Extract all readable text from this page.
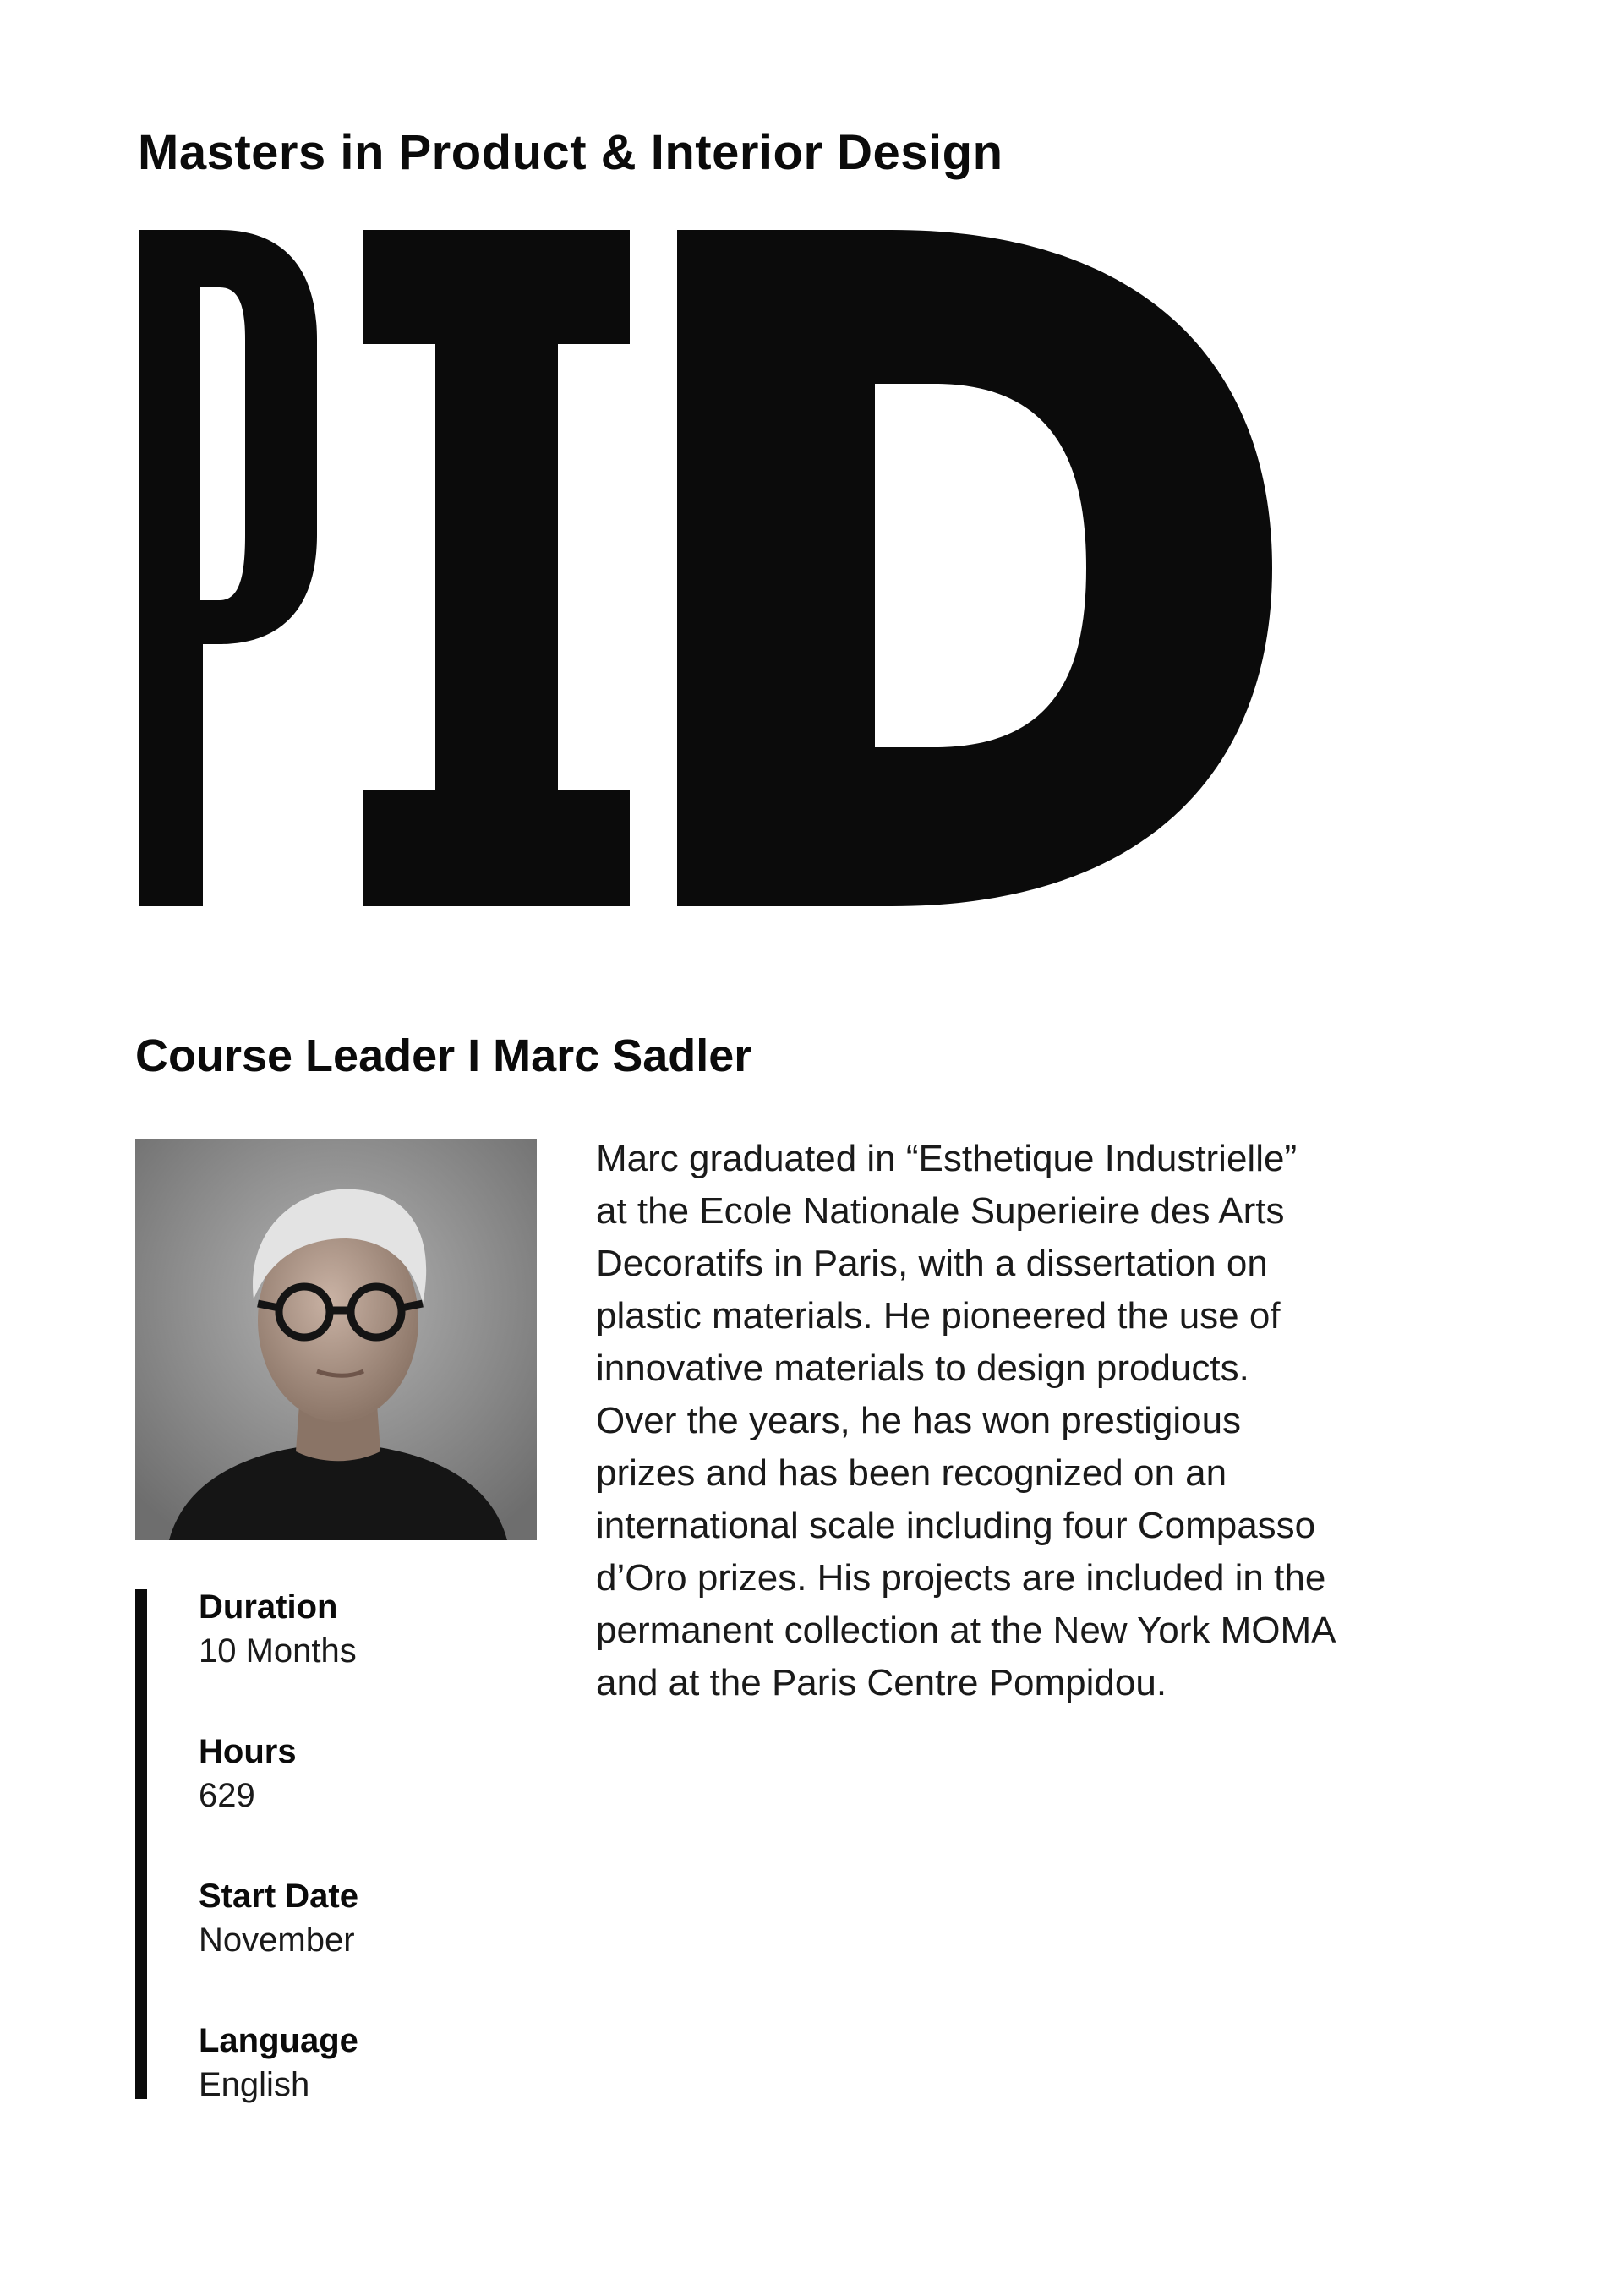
Masters in Product & Interior Design
Course Leader I Marc Sadler

Marc graduated in “Esthetique Industrielle”
at the Ecole Nationale Superieire des Arts
Decoratifs in Paris, with a dissertation on
plastic materials. He pioneered the use of
innovative materials to design products.
Over the years, he has won prestigious
prizes and has been recognized on an
international scale including four Compasso
d’Oro prizes. His projects are included in the
permanent collection at the New York MOMA
and at the Paris Centre Pompidou.

Duration
10 Months
Hours
629
Start Date
November
Language
English
